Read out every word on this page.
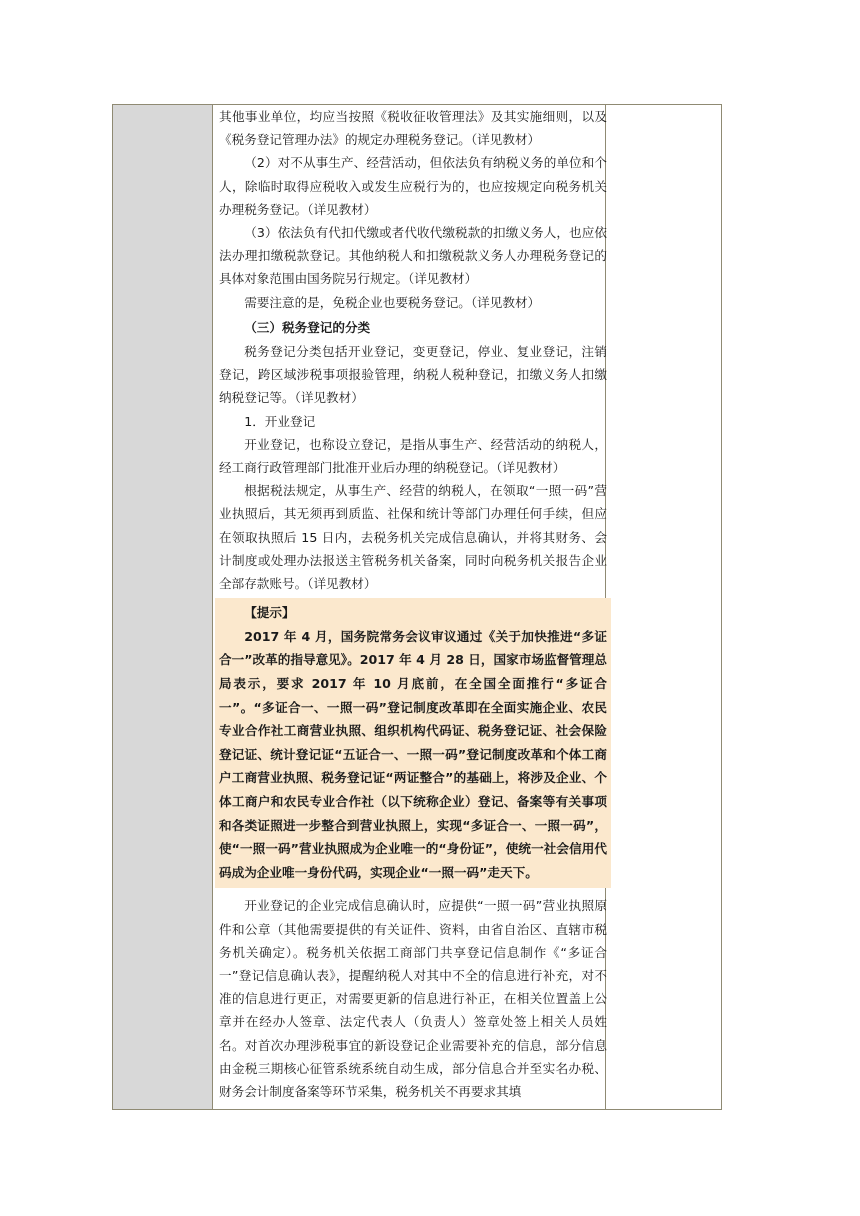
其他事业单位，均应当按照《税收征收管理法》及其实施细则，以及《税务登记管理办法》的规定办理税务登记。（详见教材）

（2）对不从事生产、经营活动，但依法负有纳税义务的单位和个人，除临时取得应税收入或发生应税行为的，也应按规定向税务机关办理税务登记。（详见教材）

（3）依法负有代扣代缴或者代收代缴税款的扣缴义务人，也应依法办理扣缴税款登记。其他纳税人和扣缴税款义务人办理税务登记的具体对象范围由国务院另行规定。（详见教材）

需要注意的是，免税企业也要税务登记。（详见教材）

（三）税务登记的分类

税务登记分类包括开业登记，变更登记，停业、复业登记，注销登记，跨区域涉税事项报验管理，纳税人税种登记，扣缴义务人扣缴纳税登记等。（详见教材）

1．开业登记

开业登记，也称设立登记，是指从事生产、经营活动的纳税人，经工商行政管理部门批准开业后办理的纳税登记。（详见教材）

根据税法规定，从事生产、经营的纳税人，在领取“一照一码”营业执照后，其无须再到质监、社保和统计等部门办理任何手续，但应在领取执照后 15 日内，去税务机关完成信息确认，并将其财务、会计制度或处理办法报送主管税务机关备案，同时向税务机关报告企业全部存款账号。（详见教材）

【提示】

2017 年 4 月，国务院常务会议审议通过《关于加快推进“多证合一”改革的指导意见》。2017 年 4 月 28 日，国家市场监督管理总局表示，要求 2017 年 10 月底前，在全国全面推行“多证合一”。“多证合一、一照一码”登记制度改革即在全面实施企业、农民专业合作社工商营业执照、组织机构代码证、税务登记证、社会保险登记证、统计登记证“五证合一、一照一码”登记制度改革和个体工商户工商营业执照、税务登记证“两证整合”的基础上，将涉及企业、个体工商户和农民专业合作社（以下统称企业）登记、备案等有关事项和各类证照进一步整合到营业执照上，实现“多证合一、一照一码”，使“一照一码”营业执照成为企业唯一的“身份证”，使统一社会信用代码成为企业唯一身份代码，实现企业“一照一码”走天下。

开业登记的企业完成信息确认时，应提供“一照一码”营业执照原件和公章（其他需要提供的有关证件、资料，由省自治区、直辖市税务机关确定）。税务机关依据工商部门共享登记信息制作《“多证合一”登记信息确认表》，提醒纳税人对其中不全的信息进行补充，对不准的信息进行更正，对需要更新的信息进行补正，在相关位置盖上公章并在经办人签章、法定代表人（负责人）签章处签上相关人员姓名。对首次办理涉税事宜的新设登记企业需要补充的信息，部分信息由金税三期核心征管系统系统自动生成，部分信息合并至实名办税、财务会计制度备案等环节采集，税务机关不再要求其填
